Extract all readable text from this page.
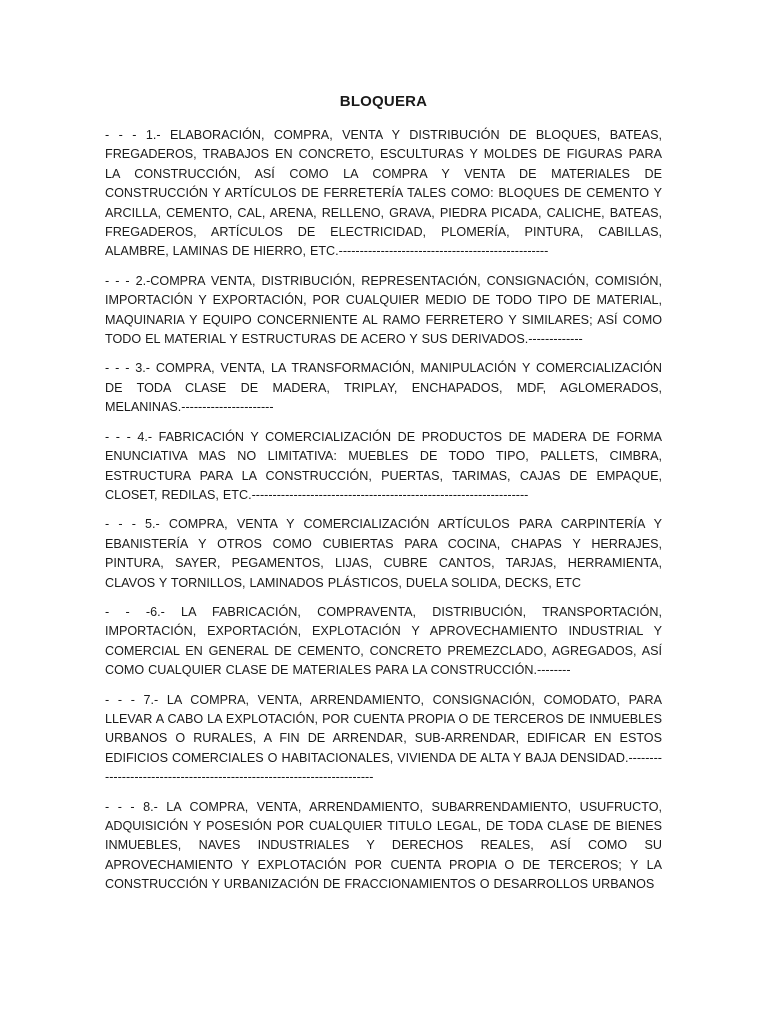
BLOQUERA

- - - 1.- ELABORACIÓN, COMPRA, VENTA Y DISTRIBUCIÓN DE BLOQUES, BATEAS, FREGADEROS, TRABAJOS EN CONCRETO, ESCULTURAS Y MOLDES DE FIGURAS PARA LA CONSTRUCCIÓN, ASÍ COMO LA COMPRA Y VENTA DE MATERIALES DE CONSTRUCCIÓN Y ARTÍCULOS DE FERRETERÍA TALES COMO: BLOQUES DE CEMENTO Y ARCILLA, CEMENTO, CAL, ARENA, RELLENO, GRAVA, PIEDRA PICADA, CALICHE, BATEAS, FREGADEROS, ARTÍCULOS DE ELECTRICIDAD, PLOMERÍA, PINTURA, CABILLAS, ALAMBRE, LAMINAS DE HIERRO, ETC.--------------------------------------------------

- - - 2.-COMPRA VENTA, DISTRIBUCIÓN, REPRESENTACIÓN, CONSIGNACIÓN, COMISIÓN, IMPORTACIÓN Y EXPORTACIÓN, POR CUALQUIER MEDIO DE TODO TIPO DE MATERIAL, MAQUINARIA Y EQUIPO CONCERNIENTE AL RAMO FERRETERO Y SIMILARES; ASÍ COMO TODO EL MATERIAL Y ESTRUCTURAS DE ACERO Y SUS DERIVADOS.-------------

- - - 3.- COMPRA, VENTA, LA TRANSFORMACIÓN, MANIPULACIÓN Y COMERCIALIZACIÓN DE TODA CLASE DE MADERA, TRIPLAY, ENCHAPADOS, MDF, AGLOMERADOS, MELANINAS.----------------------

- - - 4.- FABRICACIÓN Y COMERCIALIZACIÓN DE PRODUCTOS DE MADERA DE FORMA ENUNCIATIVA MAS NO LIMITATIVA: MUEBLES DE TODO TIPO, PALLETS, CIMBRA, ESTRUCTURA PARA LA CONSTRUCCIÓN, PUERTAS, TARIMAS, CAJAS DE EMPAQUE, CLOSET, REDILAS, ETC.------------------------------------------------------------------

- - - 5.- COMPRA, VENTA Y COMERCIALIZACIÓN ARTÍCULOS PARA CARPINTERÍA Y EBANISTERÍA Y OTROS COMO CUBIERTAS PARA COCINA, CHAPAS Y HERRAJES, PINTURA, SAYER, PEGAMENTOS, LIJAS, CUBRE CANTOS, TARJAS, HERRAMIENTA, CLAVOS Y TORNILLOS, LAMINADOS PLÁSTICOS, DUELA SOLIDA, DECKS, ETC

- - -6.- LA FABRICACIÓN, COMPRAVENTA, DISTRIBUCIÓN, TRANSPORTACIÓN, IMPORTACIÓN, EXPORTACIÓN, EXPLOTACIÓN Y APROVECHAMIENTO INDUSTRIAL Y COMERCIAL EN GENERAL DE CEMENTO, CONCRETO PREMEZCLADO, AGREGADOS, ASÍ COMO CUALQUIER CLASE DE MATERIALES PARA LA CONSTRUCCIÓN.--------

- - - 7.- LA COMPRA, VENTA, ARRENDAMIENTO, CONSIGNACIÓN, COMODATO, PARA LLEVAR A CABO LA EXPLOTACIÓN, POR CUENTA PROPIA O DE TERCEROS DE INMUEBLES URBANOS O RURALES, A FIN DE ARRENDAR, SUB-ARRENDAR, EDIFICAR EN ESTOS EDIFICIOS COMERCIALES O HABITACIONALES, VIVIENDA DE ALTA Y BAJA DENSIDAD.------------------------------------------------------------------------

- - - 8.- LA COMPRA, VENTA, ARRENDAMIENTO, SUBARRENDAMIENTO, USUFRUCTO, ADQUISICIÓN Y POSESIÓN POR CUALQUIER TITULO LEGAL, DE TODA CLASE DE BIENES INMUEBLES, NAVES INDUSTRIALES Y DERECHOS REALES, ASÍ COMO SU APROVECHAMIENTO Y EXPLOTACIÓN POR CUENTA PROPIA O DE TERCEROS; Y LA CONSTRUCCIÓN Y URBANIZACIÓN DE FRACCIONAMIENTOS O DESARROLLOS URBANOS
